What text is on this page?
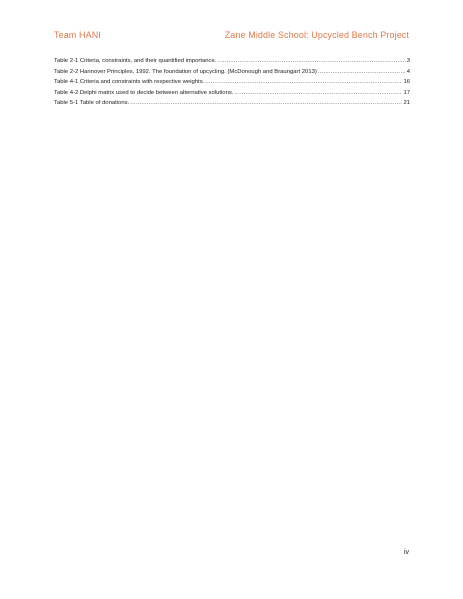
Team HANI	Zane Middle School: Upcycled Bench Project
Table 2-1 Criteria, constraints, and their quantified importance. .....	3
Table 2-2 Hannover Principles, 1992. The foundation of upcycling. (McDonough and Braungart 2013) .....	4
Table 4-1 Criteria and constraints with respective weights. .....	16
Table 4-2 Delphi matrix used to decide between alternative solutions. .....	17
Table 5-1 Table of donations. .....	21
iv
